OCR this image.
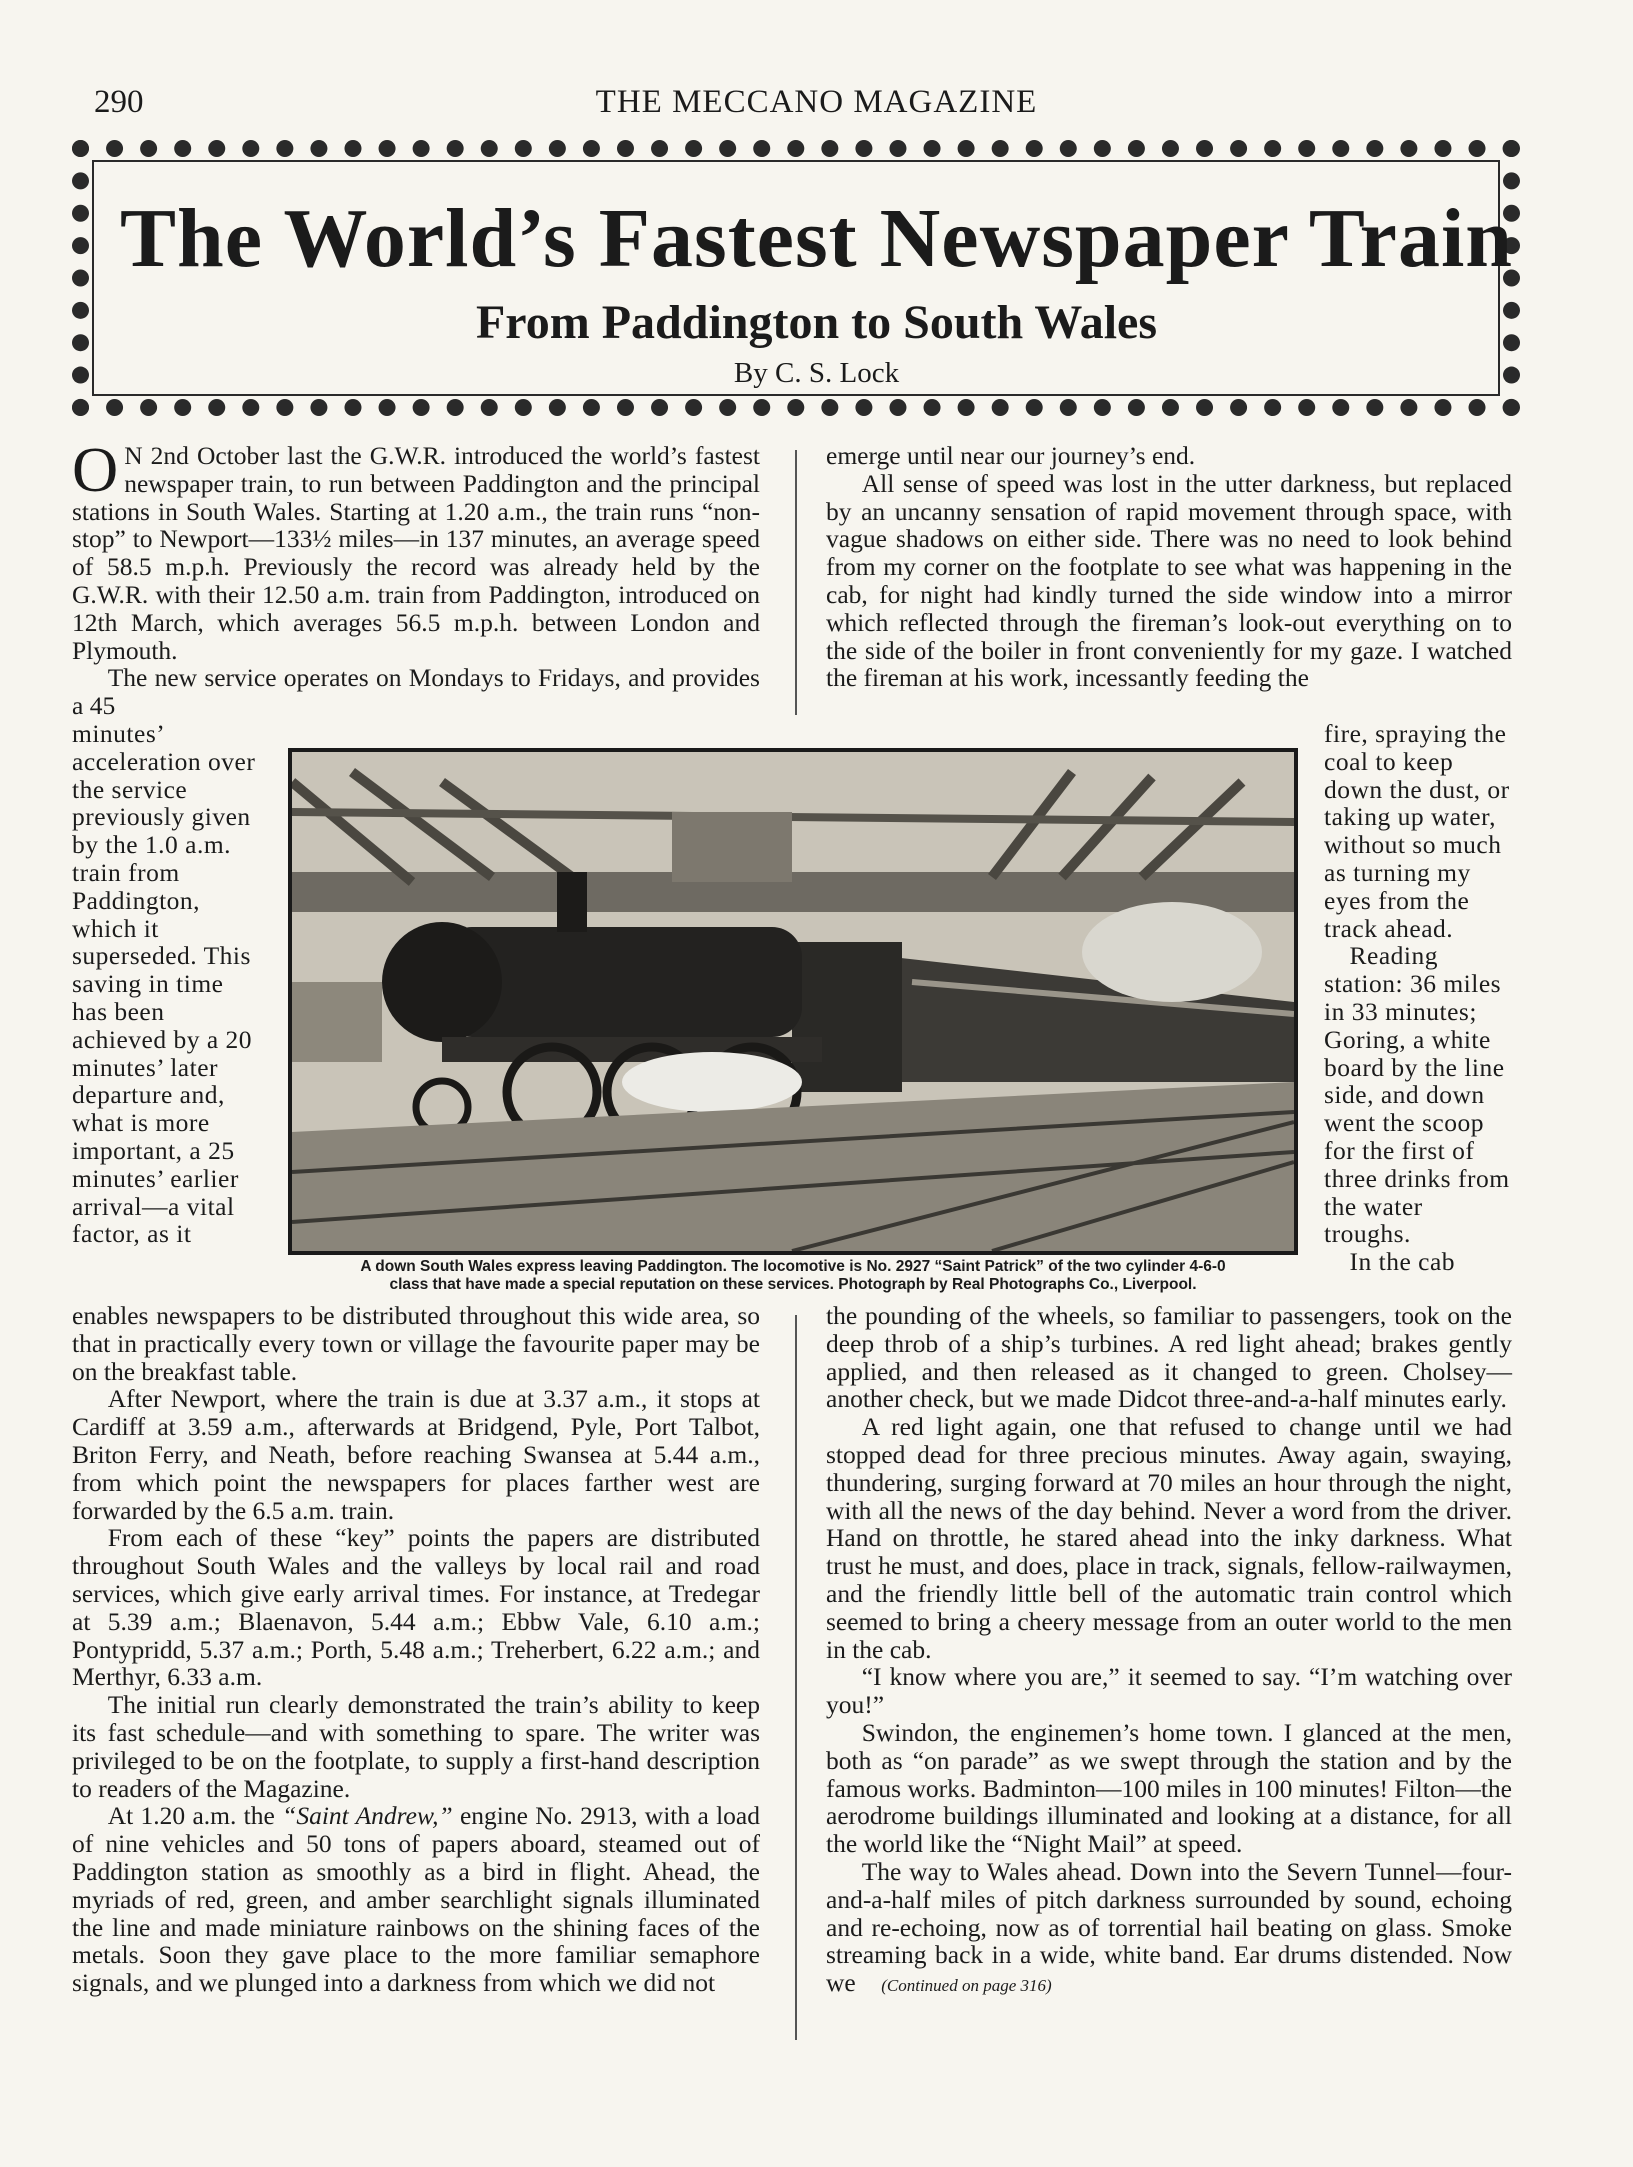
290	THE MECCANO MAGAZINE
The World’s Fastest Newspaper Train
From Paddington to South Wales
By C. S. Lock

O N 2nd October last the G.W.R. introduced the world’s fastest newspaper train, to run between Paddington and the principal stations in South Wales. Starting at 1.20 a.m., the train runs “non-stop” to Newport—133½ miles—in 137 minutes, an average speed of 58.5 m.p.h. Previously the record was already held by the G.W.R. with their 12.50 a.m. train from Paddington, introduced on 12th March, which averages 56.5 m.p.h. between London and Plymouth.

The new service operates on Mondays to Fridays, and provides a 45

minutes’ acceleration over the service previously given by the 1.0 a.m. train from Paddington, which it superseded. This saving in time has been achieved by a 20 minutes’ later departure and, what is more important, a 25 minutes’ earlier arrival—a vital factor, as it

enables newspapers to be distributed throughout this wide area, so that in practically every town or village the favourite paper may be on the breakfast table.

After Newport, where the train is due at 3.37 a.m., it stops at Cardiff at 3.59 a.m., afterwards at Bridgend, Pyle, Port Talbot, Briton Ferry, and Neath, before reaching Swansea at 5.44 a.m., from which point the newspapers for places farther west are forwarded by the 6.5 a.m. train.

From each of these “key” points the papers are distributed throughout South Wales and the valleys by local rail and road services, which give early arrival times. For instance, at Tredegar at 5.39 a.m.; Blaenavon, 5.44 a.m.; Ebbw Vale, 6.10 a.m.; Pontypridd, 5.37 a.m.; Porth, 5.48 a.m.; Treherbert, 6.22 a.m.; and Merthyr, 6.33 a.m.

The initial run clearly demonstrated the train’s ability to keep its fast schedule—and with something to spare. The writer was privileged to be on the footplate, to supply a first-hand description to readers of the Magazine.

At 1.20 a.m. the “Saint Andrew,” engine No. 2913, with a load of nine vehicles and 50 tons of papers aboard, steamed out of Paddington station as smoothly as a bird in flight. Ahead, the myriads of red, green, and amber searchlight signals illuminated the line and made miniature rainbows on the shining faces of the metals. Soon they gave place to the more familiar semaphore signals, and we plunged into a darkness from which we did not

emerge until near our journey’s end.

All sense of speed was lost in the utter darkness, but replaced by an uncanny sensation of rapid movement through space, with vague shadows on either side. There was no need to look behind from my corner on the footplate to see what was happening in the cab, for night had kindly turned the side window into a mirror which reflected through the fireman’s look-out everything on to the side of the boiler in front conveniently for my gaze. I watched the fireman at his work, incessantly feeding the

fire, spraying the coal to keep down the dust, or taking up water, without so much as turning my eyes from the track ahead.

Reading station: 36 miles in 33 minutes; Goring, a white board by the line side, and down went the scoop for the first of three drinks from the water troughs.

In the cab

the pounding of the wheels, so familiar to passengers, took on the deep throb of a ship’s turbines. A red light ahead; brakes gently applied, and then released as it changed to green. Cholsey—another check, but we made Didcot three-and-a-half minutes early.

A red light again, one that refused to change until we had stopped dead for three precious minutes. Away again, swaying, thundering, surging forward at 70 miles an hour through the night, with all the news of the day behind. Never a word from the driver. Hand on throttle, he stared ahead into the inky darkness. What trust he must, and does, place in track, signals, fellow-railwaymen, and the friendly little bell of the automatic train control which seemed to bring a cheery message from an outer world to the men in the cab.

“I know where you are,” it seemed to say. “I’m watching over you!”

Swindon, the enginemen’s home town. I glanced at the men, both as “on parade” as we swept through the station and by the famous works. Badminton—100 miles in 100 minutes! Filton—the aerodrome buildings illuminated and looking at a distance, for all the world like the “Night Mail” at speed.

The way to Wales ahead. Down into the Severn Tunnel—four-and-a-half miles of pitch darkness surrounded by sound, echoing and re-echoing, now as of torrential hail beating on glass. Smoke streaming back in a wide, white band. Ear drums distended. Now we (Continued on page 316)

A down South Wales express leaving Paddington. The locomotive is No. 2927 “Saint Patrick” of the two cylinder 4-6-0
class that have made a special reputation on these services. Photograph by Real Photographs Co., Liverpool.
